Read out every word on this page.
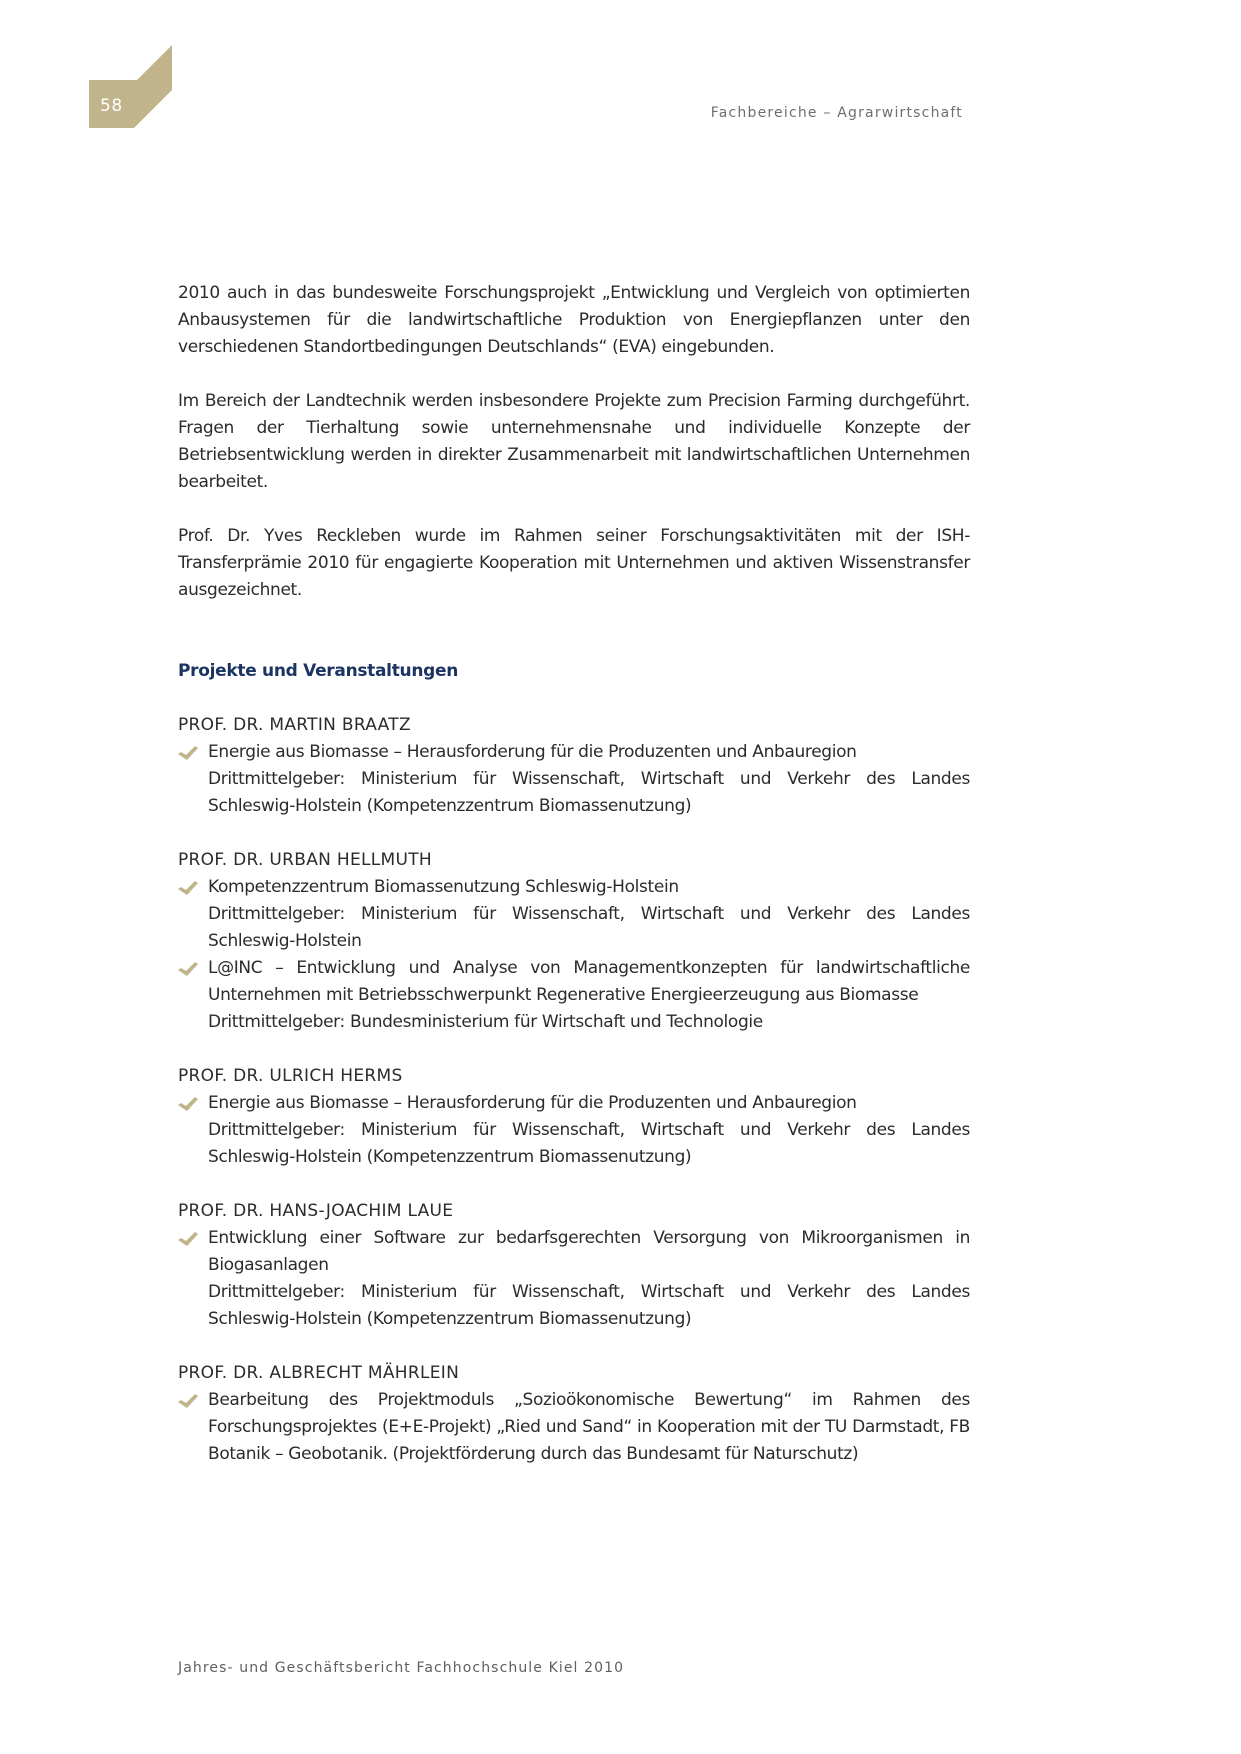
58	Fachbereiche – Agrarwirtschaft

2010 auch in das bundesweite Forschungsprojekt „Entwicklung und Vergleich von optimierten Anbausystemen für die landwirtschaftliche Produktion von Energiepflanzen unter den verschiedenen Standortbedingungen Deutschlands“ (EVA) eingebunden.

Im Bereich der Landtechnik werden insbesondere Projekte zum Precision Farming durchgeführt. Fragen der Tierhaltung sowie unternehmensnahe und individuelle Konzepte der Betriebsentwicklung werden in direkter Zusammenarbeit mit landwirtschaftlichen Unternehmen bearbeitet.

Prof. Dr. Yves Reckleben wurde im Rahmen seiner Forschungsaktivitäten mit der ISH-Transferprämie 2010 für engagierte Kooperation mit Unternehmen und aktiven Wissenstransfer ausgezeichnet.

Projekte und Veranstaltungen
PROF. DR. MARTIN BRAATZ
Energie aus Biomasse – Herausforderung für die Produzenten und Anbauregion
Drittmittelgeber: Ministerium für Wissenschaft, Wirtschaft und Verkehr des Landes Schleswig-Holstein (Kompetenzzentrum Biomassenutzung)
PROF. DR. URBAN HELLMUTH
Kompetenzzentrum Biomassenutzung Schleswig-Holstein
Drittmittelgeber: Ministerium für Wissenschaft, Wirtschaft und Verkehr des Landes Schleswig-Holstein
L@INC – Entwicklung und Analyse von Managementkonzepten für landwirtschaftliche Unternehmen mit Betriebsschwerpunkt Regenerative Energieerzeugung aus Biomasse
Drittmittelgeber: Bundesministerium für Wirtschaft und Technologie
PROF. DR. ULRICH HERMS
Energie aus Biomasse – Herausforderung für die Produzenten und Anbauregion
Drittmittelgeber: Ministerium für Wissenschaft, Wirtschaft und Verkehr des Landes Schleswig-Holstein (Kompetenzzentrum Biomassenutzung)
PROF. DR. HANS-JOACHIM LAUE
Entwicklung einer Software zur bedarfsgerechten Versorgung von Mikroorganismen in Biogasanlagen
Drittmittelgeber: Ministerium für Wissenschaft, Wirtschaft und Verkehr des Landes Schleswig-Holstein (Kompetenzzentrum Biomassenutzung)
PROF. DR. ALBRECHT MÄHRLEIN
Bearbeitung des Projektmoduls „Sozioökonomische Bewertung“ im Rahmen des Forschungsprojektes (E+E-Projekt) „Ried und Sand“ in Kooperation mit der TU Darmstadt, FB Botanik – Geobotanik. (Projektförderung durch das Bundesamt für Naturschutz)
Jahres- und Geschäftsbericht Fachhochschule Kiel 2010
